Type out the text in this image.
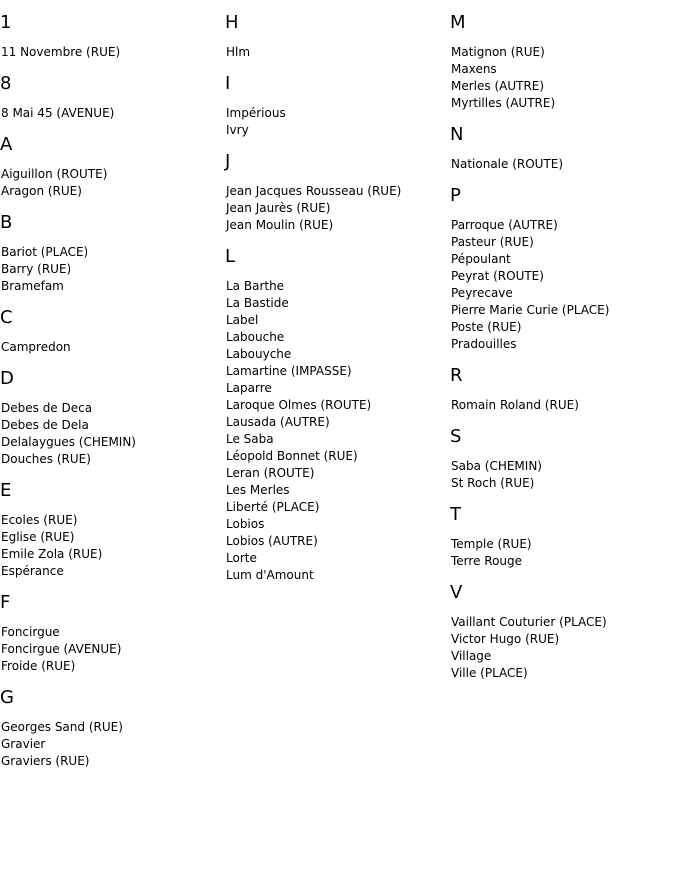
1
11 Novembre (RUE)
8
8 Mai 45 (AVENUE)
A
Aiguillon (ROUTE)
Aragon (RUE)
B
Bariot (PLACE)
Barry (RUE)
Bramefam
C
Campredon
D
Debes de Deca
Debes de Dela
Delalaygues (CHEMIN)
Douches (RUE)
E
Ecoles (RUE)
Eglise (RUE)
Emile Zola (RUE)
Espérance
F
Foncirgue
Foncirgue (AVENUE)
Froide (RUE)
G
Georges Sand (RUE)
Gravier
Graviers (RUE)
H
Hlm
I
Impérious
Ivry
J
Jean Jacques Rousseau (RUE)
Jean Jaurès (RUE)
Jean Moulin (RUE)
L
La Barthe
La Bastide
Label
Labouche
Labouyche
Lamartine (IMPASSE)
Laparre
Laroque Olmes (ROUTE)
Lausada (AUTRE)
Le Saba
Léopold Bonnet (RUE)
Leran (ROUTE)
Les Merles
Liberté (PLACE)
Lobios
Lobios (AUTRE)
Lorte
Lum d'Amount
M
Matignon (RUE)
Maxens
Merles (AUTRE)
Myrtilles (AUTRE)
N
Nationale (ROUTE)
P
Parroque (AUTRE)
Pasteur (RUE)
Pépoulant
Peyrat (ROUTE)
Peyrecave
Pierre Marie Curie (PLACE)
Poste (RUE)
Pradouilles
R
Romain Roland (RUE)
S
Saba (CHEMIN)
St Roch (RUE)
T
Temple (RUE)
Terre Rouge
V
Vaillant Couturier (PLACE)
Victor Hugo (RUE)
Village
Ville (PLACE)
